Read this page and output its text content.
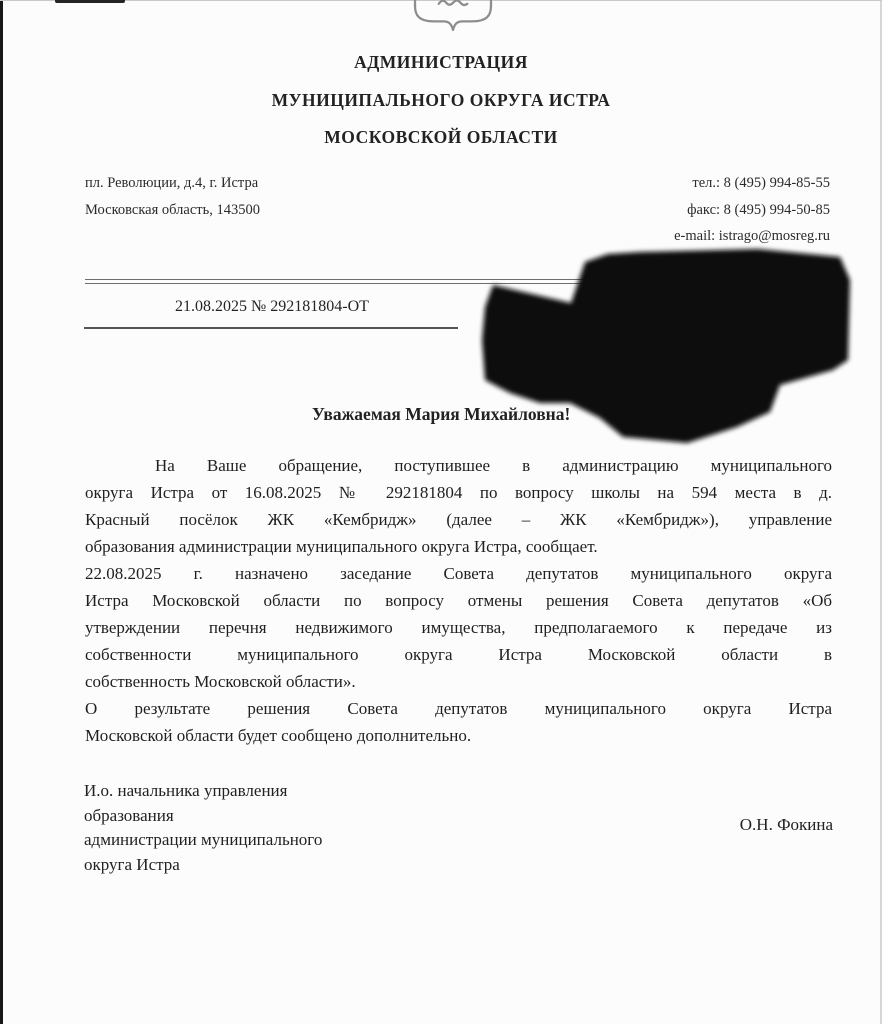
АДМИНИСТРАЦИЯ
МУНИЦИПАЛЬНОГО ОКРУГА ИСТРА
МОСКОВСКОЙ ОБЛАСТИ
пл. Революции, д.4, г. Истра
Московская область, 143500
тел.: 8 (495) 994-85-55
факс: 8 (495) 994-50-85
e-mail: istrago@mosreg.ru
21.08.2025 № 292181804-ОТ
Уважаемая Мария Михайловна!
На Ваше обращение, поступившее в администрацию муниципального
округа Истра от 16.08.2025 № 292181804 по вопросу школы на 594 места в д.
Красный посёлок ЖК «Кембридж» (далее – ЖК «Кембридж»), управление
образования администрации муниципального округа Истра, сообщает.
22.08.2025 г. назначено заседание Совета депутатов муниципального округа
Истра Московской области по вопросу отмены решения Совета депутатов «Об
утверждении перечня недвижимого имущества, предполагаемого к передаче из
собственности муниципального округа Истра Московской области в
собственность Московской области».
О результате решения Совета депутатов муниципального округа Истра
Московской области будет сообщено дополнительно.
И.о. начальника управления
образования
администрации муниципального
округа Истра
О.Н. Фокина
